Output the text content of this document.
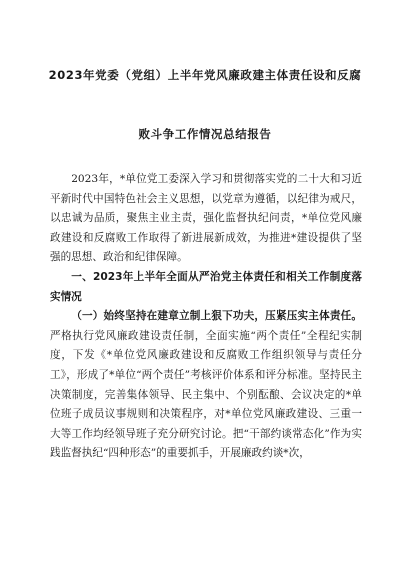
2023年党委（党组）上半年党风廉政建主体责任设和反腐
败斗争工作情况总结报告

2023年，*单位党工委深入学习和贯彻落实党的二十大和习近平新时代中国特色社会主义思想，以党章为遵循，以纪律为戒尺，以忠诚为品质，聚焦主业主责，强化监督执纪问责，*单位党风廉政建设和反腐败工作取得了新进展新成效，为推进*建设提供了坚强的思想、政治和纪律保障。

一、2023年上半年全面从严治党主体责任和相关工作制度落实情况

（一）始终坚持在建章立制上狠下功夫，压紧压实主体责任。严格执行党风廉政建设责任制，全面实施“两个责任”全程纪实制度，下发《*单位党风廉政建设和反腐败工作组织领导与责任分工》，形成了*单位“两个责任”考核评价体系和评分标准。坚持民主决策制度，完善集体领导、民主集中、个别酝酿、会议决定的*单位班子成员议事规则和决策程序，对*单位党风廉政建设、三重一大等工作均经领导班子充分研究讨论。把“干部约谈常态化”作为实践监督执纪“四种形态”的重要抓手，开展廉政约谈*次，
